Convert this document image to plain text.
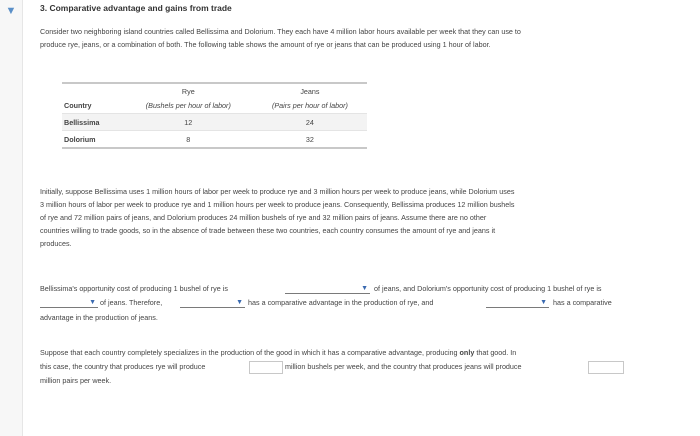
▼	3. Comparative advantage and gains from trade
Consider two neighboring island countries called Bellissima and Dolorium. They each have 4 million labor hours available per week that they can use to
produce rye, jeans, or a combination of both. The following table shows the amount of rye or jeans that can be produced using 1 hour of labor.
	Rye	Jeans
Country	(Bushels per hour of labor)	(Pairs per hour of labor)
Bellissima	12	24
Dolorium	8	32
Initially, suppose Bellissima uses 1 million hours of labor per week to produce rye and 3 million hours per week to produce jeans, while Dolorium uses
3 million hours of labor per week to produce rye and 1 million hours per week to produce jeans. Consequently, Bellissima produces 12 million bushels
of rye and 72 million pairs of jeans, and Dolorium produces 24 million bushels of rye and 32 million pairs of jeans. Assume there are no other
countries willing to trade goods, so in the absence of trade between these two countries, each country consumes the amount of rye and jeans it
produces.
Bellissima's opportunity cost of producing 1 bushel of rye is	▼ of jeans, and Dolorium's opportunity cost of producing 1 bushel of rye is
▼ of jeans. Therefore,	▼ has a comparative advantage in the production of rye, and	▼ has a comparative
advantage in the production of jeans.
Suppose that each country completely specializes in the production of the good in which it has a comparative advantage, producing only that good. In
this case, the country that produces rye will produce	million bushels per week, and the country that produces jeans will produce
million pairs per week.
